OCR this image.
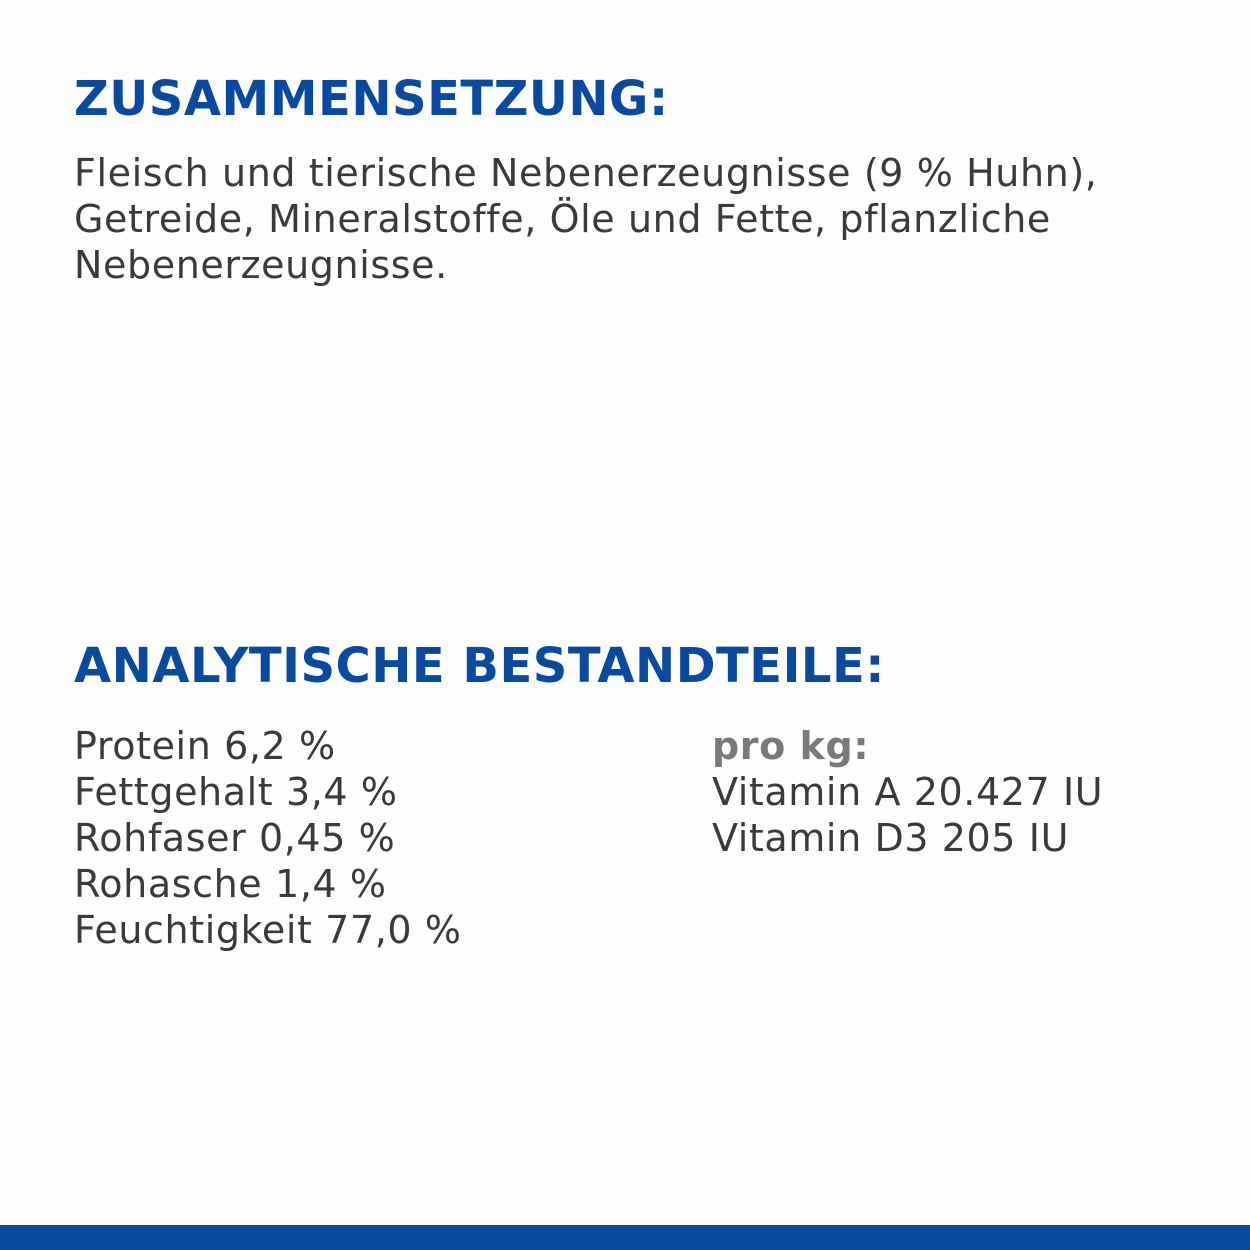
ZUSAMMENSETZUNG:

Fleisch und tierische Nebenerzeugnisse (9 % Huhn), Getreide, Mineralstoffe, Öle und Fette, pflanzliche Nebenerzeugnisse.

ANALYTISCHE BESTANDTEILE:
Protein 6,2 %
Fettgehalt 3,4 %
Rohfaser 0,45 %
Rohasche 1,4 %
Feuchtigkeit 77,0 %
pro kg:
Vitamin A 20.427 IU
Vitamin D3 205 IU
